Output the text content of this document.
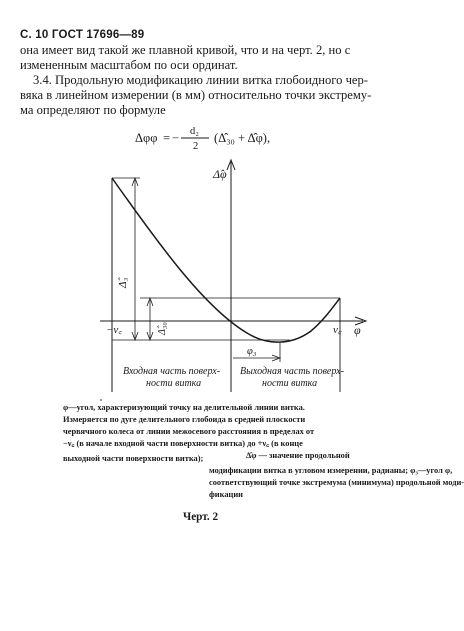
С. 10 ГОСТ 17696—89
она имеет вид такой же плавной кривой, что и на черт. 2, но с
измененным масштабом по оси ординат.
3.4. Продольную модификацию линии витка глобоидного чер-
вяка в линейном измерении (в мм) относительно точки экстрему-
ма определяют по формуле
Δφφ = − d₂
2
(Δ̂₃₀ + Δ̂φ),
Δ̂₃
Δ̂₃₀
φ₃
Δ̂φ
φ
−ν꜀	ν꜀
Входная часть поверх-
ности витка
Выходная часть поверх-
ности витка
φ—угол, характеризующий точку на делительной линии витка.
Измеряется по дуге делительного глобоида в средней плоскости
червячного колеса от линии межосевого расстояния в пределах от
−ν꜀ (в начале входной части поверхности витка) до +ν꜀ (в конце
выходной части поверхности витка);	Δ̂φ — значение продольной
модификации витка в угловом измерении, радианы; φ₃—угол φ,
соответствующий точке экстремума (минимума) продольной моди-
фикации
Черт. 2
